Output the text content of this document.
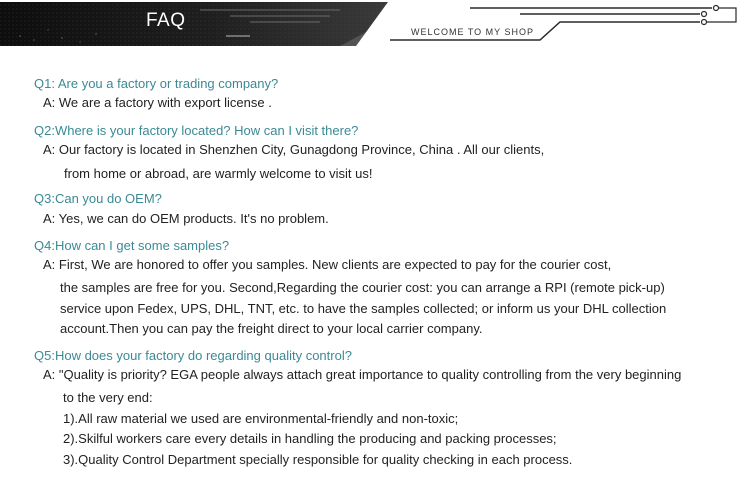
FAQ
WELCOME TO MY SHOP
Q1: Are you a factory or trading company?
A: We are a factory with export license .
Q2:Where is your factory located? How can I visit there?
A: Our factory is located in Shenzhen City, Gunagdong Province, China . All our clients,
from home or abroad, are warmly welcome to visit us!
Q3:Can you do OEM?
A: Yes, we can do OEM products. It's no problem.
Q4:How can I get some samples?
A: First, We are honored to offer you samples. New clients are expected to pay for the courier cost,
the samples are free for you. Second,Regarding the courier cost: you can arrange a RPI (remote pick-up)
service upon Fedex, UPS, DHL, TNT, etc. to have the samples collected; or inform us your DHL collection
account.Then you can pay the freight direct to your local carrier company.
Q5:How does your factory do regarding quality control?
A: "Quality is priority? EGA people always attach great importance to quality controlling from the very beginning
to the very end:
1).All raw material we used are environmental-friendly and non-toxic;
2).Skilful workers care every details in handling the producing and packing processes;
3).Quality Control Department specially responsible for quality checking in each process.
